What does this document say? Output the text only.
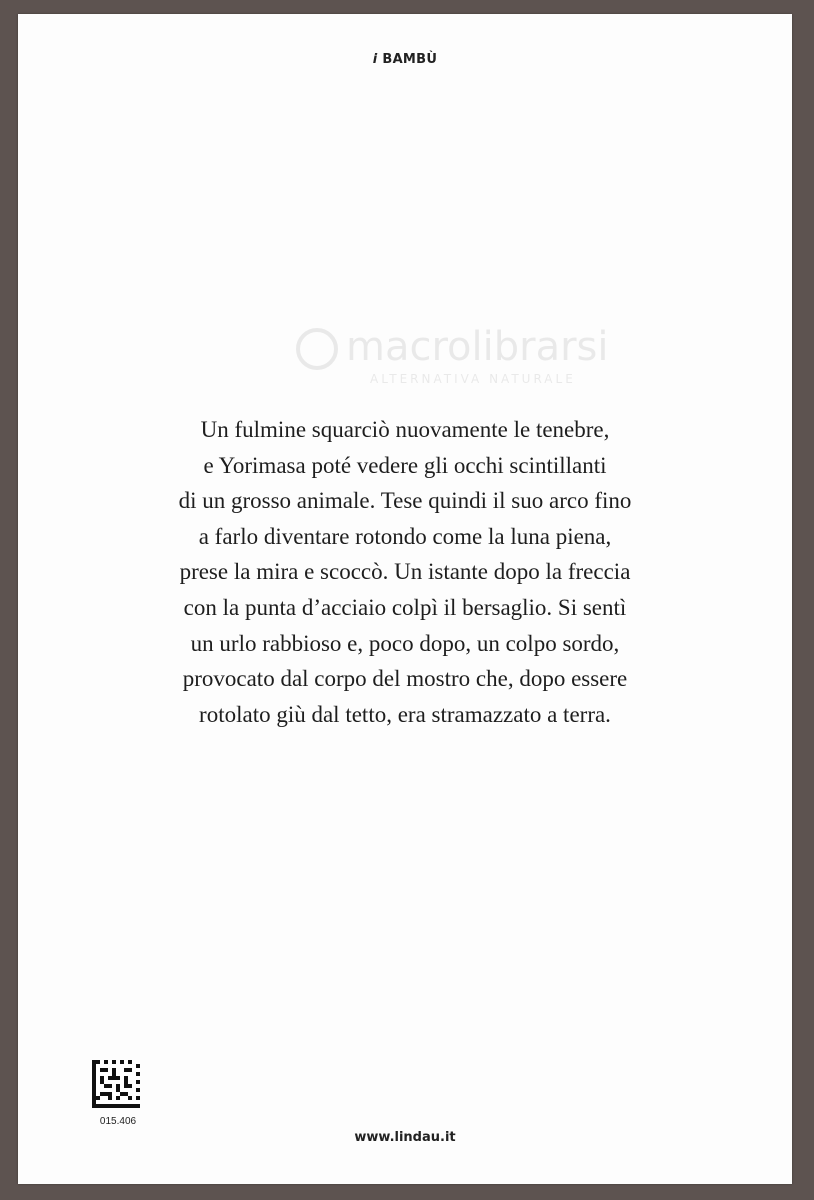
i BAMBÙ
macrolibrarsi
ALTERNATIVA NATURALE
Un fulmine squarciò nuovamente le tenebre,
e Yorimasa poté vedere gli occhi scintillanti
di un grosso animale. Tese quindi il suo arco fino
a farlo diventare rotondo come la luna piena,
prese la mira e scoccò. Un istante dopo la freccia
con la punta d’acciaio colpì il bersaglio. Si sentì
un urlo rabbioso e, poco dopo, un colpo sordo,
provocato dal corpo del mostro che, dopo essere
rotolato giù dal tetto, era stramazzato a terra.
015.406
www.lindau.it
